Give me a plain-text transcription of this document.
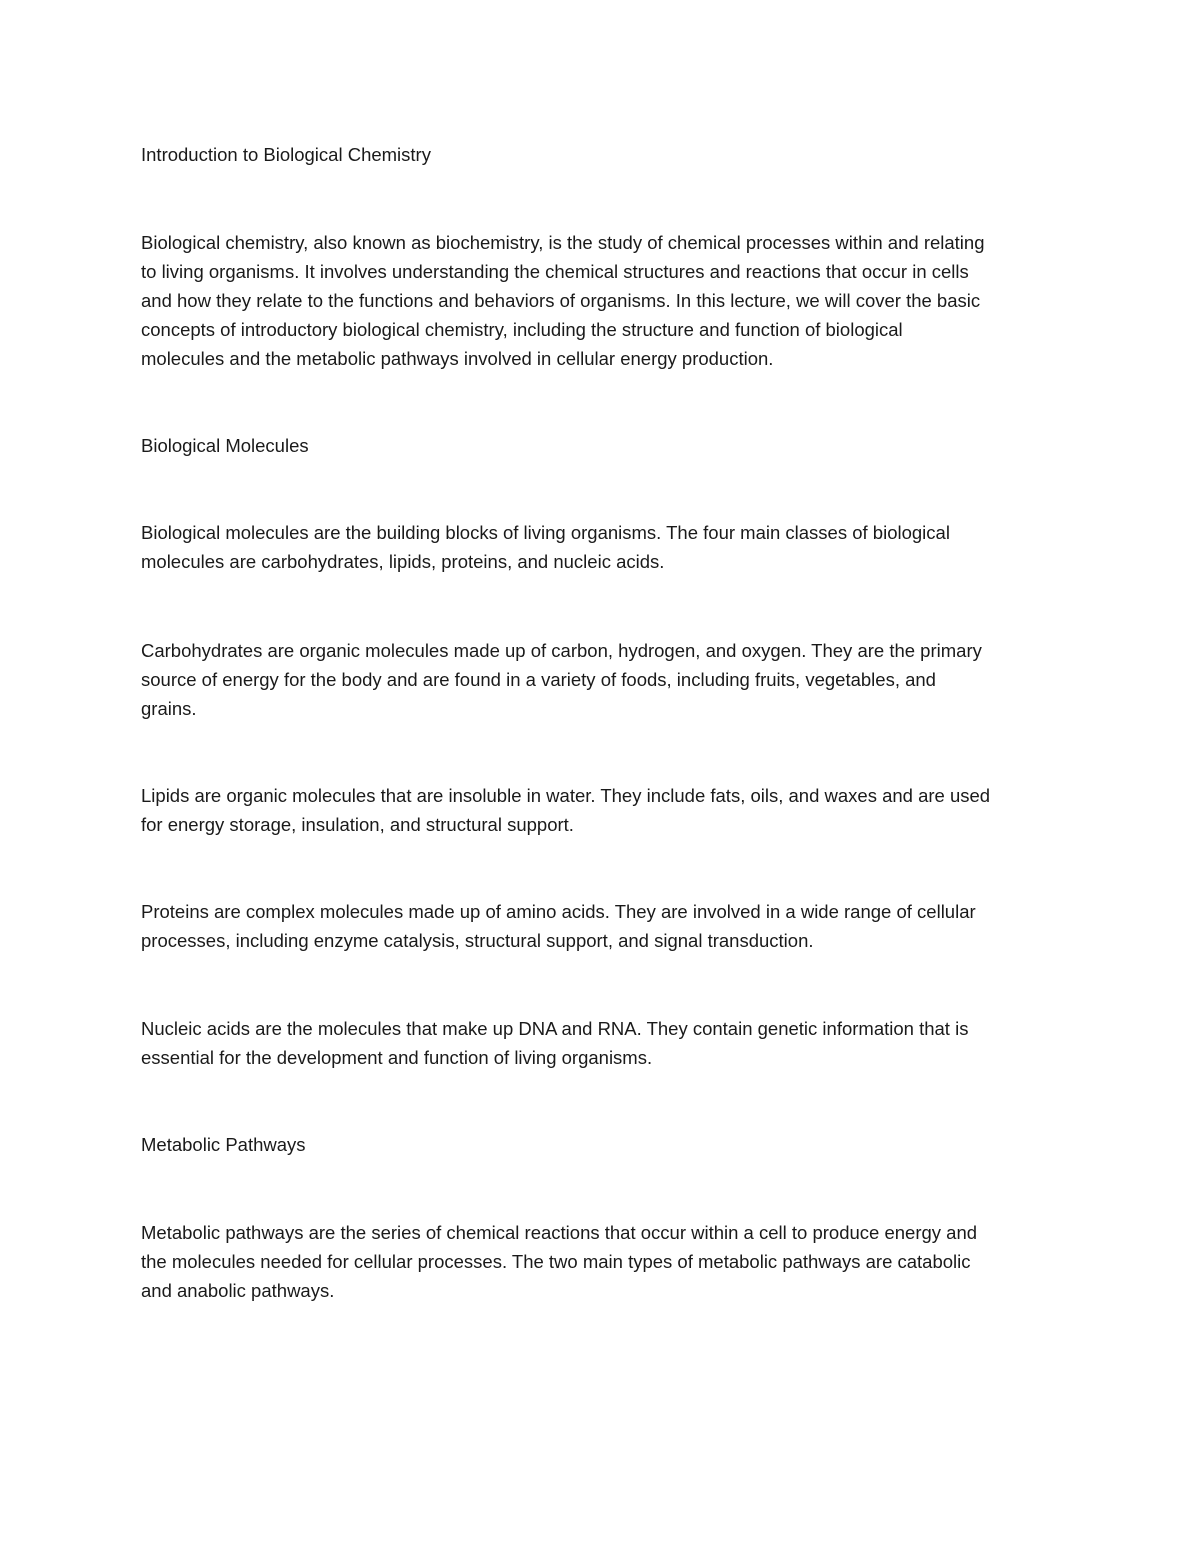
Introduction to Biological Chemistry

Biological chemistry, also known as biochemistry, is the study of chemical processes within and relating
to living organisms. It involves understanding the chemical structures and reactions that occur in cells
and how they relate to the functions and behaviors of organisms. In this lecture, we will cover the basic
concepts of introductory biological chemistry, including the structure and function of biological
molecules and the metabolic pathways involved in cellular energy production.

Biological Molecules

Biological molecules are the building blocks of living organisms. The four main classes of biological
molecules are carbohydrates, lipids, proteins, and nucleic acids.

Carbohydrates are organic molecules made up of carbon, hydrogen, and oxygen. They are the primary
source of energy for the body and are found in a variety of foods, including fruits, vegetables, and
grains.

Lipids are organic molecules that are insoluble in water. They include fats, oils, and waxes and are used
for energy storage, insulation, and structural support.

Proteins are complex molecules made up of amino acids. They are involved in a wide range of cellular
processes, including enzyme catalysis, structural support, and signal transduction.

Nucleic acids are the molecules that make up DNA and RNA. They contain genetic information that is
essential for the development and function of living organisms.

Metabolic Pathways

Metabolic pathways are the series of chemical reactions that occur within a cell to produce energy and
the molecules needed for cellular processes. The two main types of metabolic pathways are catabolic
and anabolic pathways.
